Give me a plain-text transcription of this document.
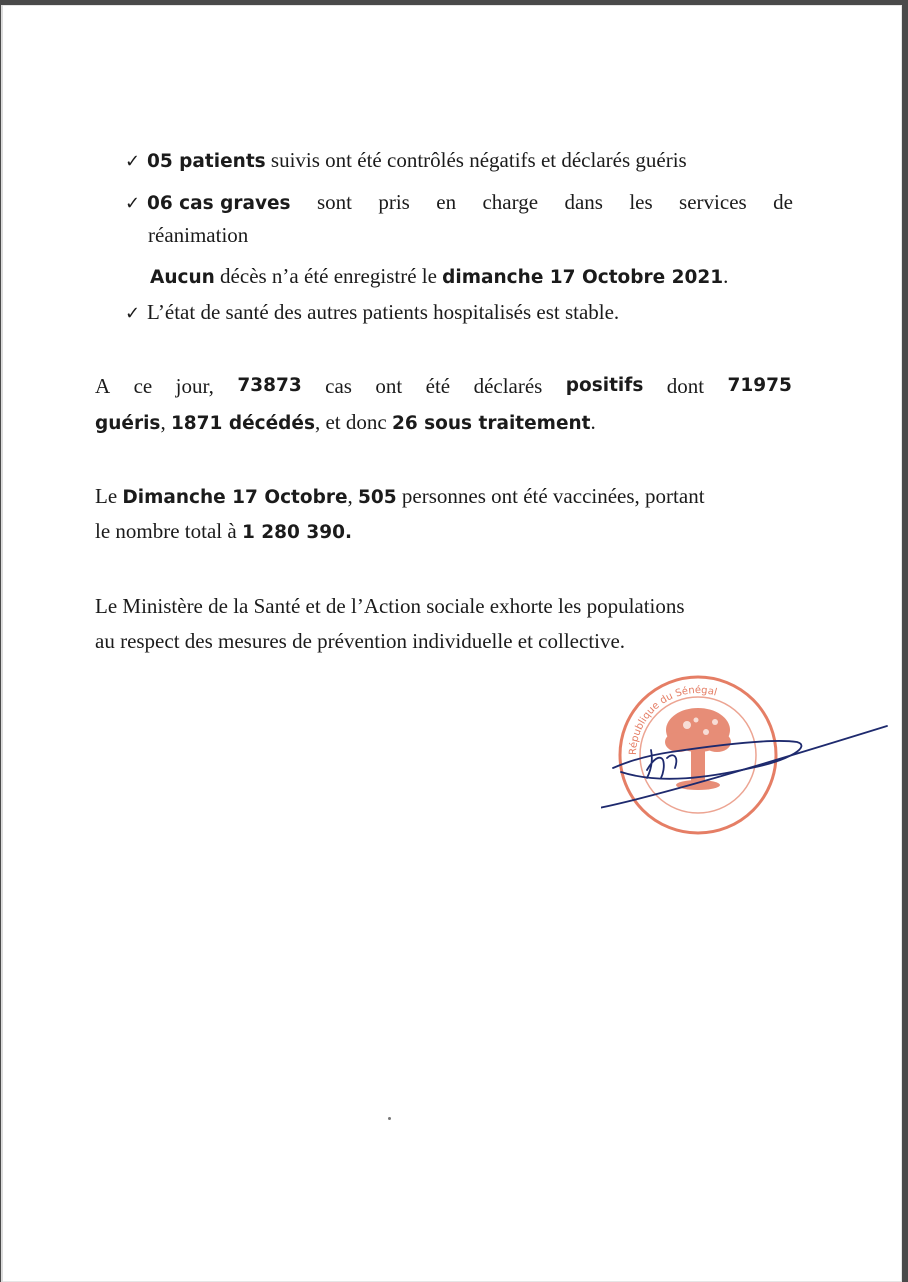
✓ 05 patients suivis ont été contrôlés négatifs et déclarés guéris
✓ 06 cas graves sont pris en charge dans les services de
réanimation
Aucun décès n’a été enregistré le dimanche 17 Octobre 2021.
✓ L’état de santé des autres patients hospitalisés est stable.
A ce jour, 73873 cas ont été déclarés positifs dont 71975
guéris, 1871 décédés, et donc 26 sous traitement.
Le Dimanche 17 Octobre, 505 personnes ont été vaccinées, portant
le nombre total à 1 280 390.
Le Ministère de la Santé et de l’Action sociale exhorte les populations
au respect des mesures de prévention individuelle et collective.
République du Sénégal
